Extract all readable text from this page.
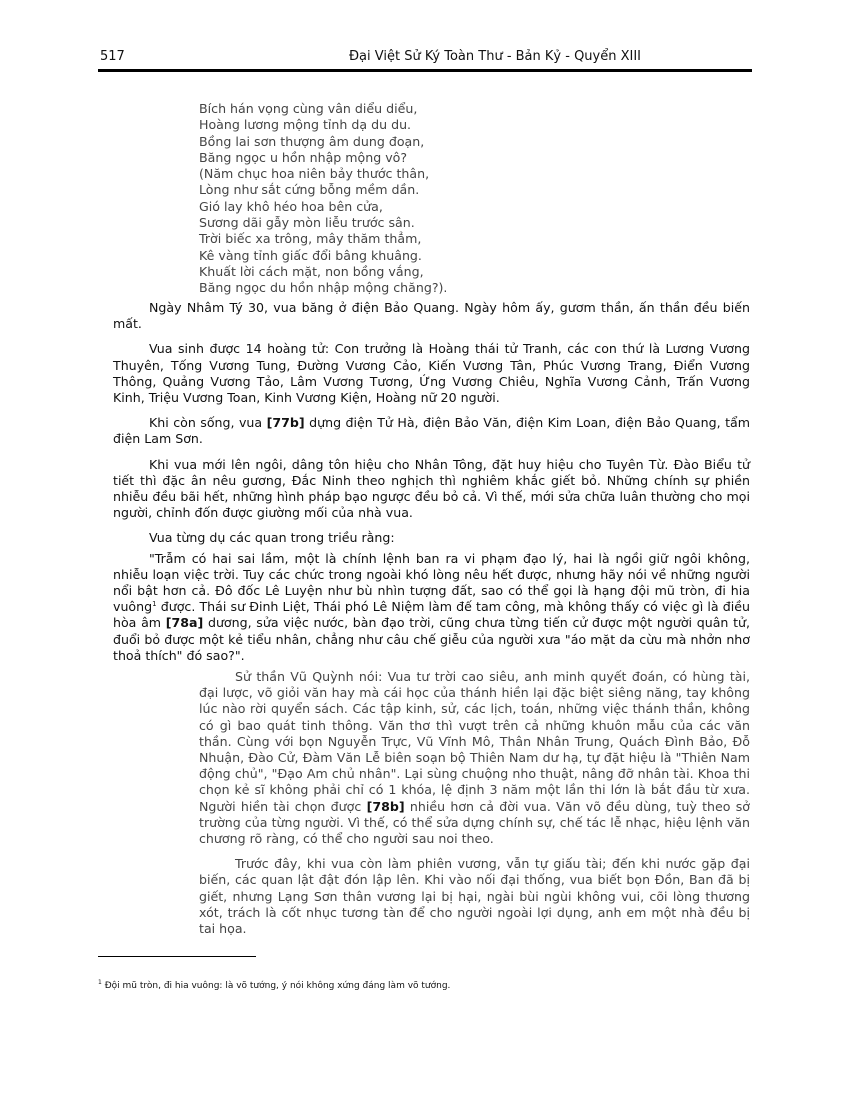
517	Đại Việt Sử Ký Toàn Thư - Bản Kỷ - Quyển XIII
Bích hán vọng cùng vân diểu diểu,
Hoàng lương mộng tỉnh dạ du du.
Bồng lai sơn thượng âm dung đoạn,
Băng ngọc u hồn nhập mộng vô?
(Năm chục hoa niên bảy thước thân,
Lòng như sắt cứng bỗng mềm dần.
Gió lay khô héo hoa bên cửa,
Sương dãi gẫy mòn liễu trước sân.
Trời biếc xa trông, mây thăm thẳm,
Kê vàng tỉnh giấc đổi bâng khuâng.
Khuất lời cách mặt, non bồng vắng,
Băng ngọc du hồn nhập mộng chăng?).

Ngày Nhâm Tý 30, vua băng ở điện Bảo Quang. Ngày hôm ấy, gươm thần, ấn thần đều biến mất.

Vua sinh được 14 hoàng tử: Con trưởng là Hoàng thái tử Tranh, các con thứ là Lương Vương Thuyên, Tống Vương Tung, Đường Vương Cảo, Kiến Vương Tân, Phúc Vương Trang, Điển Vương Thông, Quảng Vương Tảo, Lâm Vương Tương, Ứng Vương Chiêu, Nghĩa Vương Cảnh, Trấn Vương Kinh, Triệu Vương Toan, Kinh Vương Kiện, Hoàng nữ 20 người.

Khi còn sống, vua [77b] dựng điện Tử Hà, điện Bảo Văn, điện Kim Loan, điện Bảo Quang, tẩm điện Lam Sơn.

Khi vua mới lên ngôi, dâng tôn hiệu cho Nhân Tông, đặt huy hiệu cho Tuyên Từ. Đào Biểu tử tiết thì đặc ân nêu gương, Đắc Ninh theo nghịch thì nghiêm khắc giết bỏ. Những chính sự phiền nhiễu đều bãi hết, những hình pháp bạo ngược đều bỏ cả. Vì thế, mới sửa chữa luân thường cho mọi người, chỉnh đốn được giường mối của nhà vua.

Vua từng dụ các quan trong triều rằng:

"Trẫm có hai sai lầm, một là chính lệnh ban ra vi phạm đạo lý, hai là ngồi giữ ngôi không, nhiễu loạn việc trời. Tuy các chức trong ngoài khó lòng nêu hết được, nhưng hãy nói về những người nổi bật hơn cả. Đô đốc Lê Luyện như bù nhìn tượng đất, sao có thể gọi là hạng đội mũ tròn, đi hia vuông$^1$ được. Thái sư Đinh Liệt, Thái phó Lê Niệm làm đế tam công, mà không thấy có việc gì là điều hòa âm [78a] dương, sửa việc nước, bàn đạo trời, cũng chưa từng tiến cử được một người quân tử, đuổi bỏ được một kẻ tiểu nhân, chẳng như câu chế giễu của người xưa "áo mặt da cừu mà nhởn nhơ thoả thích" đó sao?".

Sử thần Vũ Quỳnh nói: Vua tư trời cao siêu, anh minh quyết đoán, có hùng tài, đại lược, võ giỏi văn hay mà cái học của thánh hiền lại đặc biệt siêng năng, tay không lúc nào rời quyển sách. Các tập kinh, sử, các lịch, toán, những việc thánh thần, không có gì bao quát tinh thông. Văn thơ thì vượt trên cả những khuôn mẫu của các văn thần. Cùng với bọn Nguyễn Trực, Vũ Vĩnh Mô, Thân Nhân Trung, Quách Đình Bảo, Đỗ Nhuận, Đào Cử, Đàm Văn Lễ biên soạn bộ Thiên Nam dư hạ, tự đặt hiệu là "Thiên Nam động chủ", "Đạo Am chủ nhân". Lại sùng chuộng nho thuật, nâng đỡ nhân tài. Khoa thi chọn kẻ sĩ không phải chỉ có 1 khóa, lệ định 3 năm một lần thi lớn là bắt đầu từ xưa. Người hiền tài chọn được [78b] nhiều hơn cả đời vua. Văn võ đều dùng, tuỳ theo sở trường của từng người. Vì thế, có thể sửa dựng chính sự, chế tác lễ nhạc, hiệu lệnh văn chương rõ ràng, có thể cho người sau noi theo.

Trước đây, khi vua còn làm phiên vương, vẫn tự giấu tài; đến khi nước gặp đại biến, các quan lật đật đón lập lên. Khi vào nối đại thống, vua biết bọn Đồn, Ban đã bị giết, nhưng Lạng Sơn thân vương lại bị hại, ngài bùi ngùi không vui, cõi lòng thương xót, trách là cốt nhục tương tàn để cho người ngoài lợi dụng, anh em một nhà đều bị tai họa.

$^1$ Đội mũ tròn, đi hia vuông: là võ tướng, ý nói không xứng đáng làm võ tướng.
